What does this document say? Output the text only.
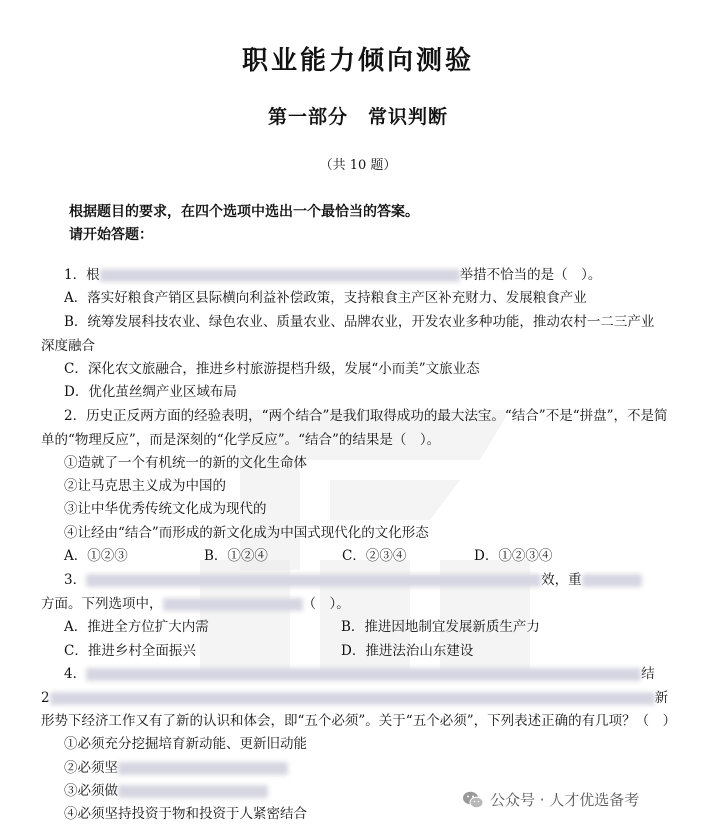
职业能力倾向测验
第一部分　常识判断
（共 10 题）
根据题目的要求，在四个选项中选出一个最恰当的答案。
请开始答题：
1．根	举措不恰当的是（　）。
A．落实好粮食产销区县际横向利益补偿政策，支持粮食主产区补充财力、发展粮食产业
B．统筹发展科技农业、绿色农业、质量农业、品牌农业，开发农业多种功能，推动农村一二三产业
深度融合
C．深化农文旅融合，推进乡村旅游提档升级，发展“小而美”文旅业态
D．优化茧丝绸产业区域布局
2．历史正反两方面的经验表明，“两个结合”是我们取得成功的最大法宝。“结合”不是“拼盘”，不是简
单的“物理反应”，而是深刻的“化学反应”。“结合”的结果是（　）。
①造就了一个有机统一的新的文化生命体
②让马克思主义成为中国的
③让中华优秀传统文化成为现代的
④让经由“结合”而形成的新文化成为中国式现代化的文化形态
A．①②③	B．①②④	C．②③④	D．①②③④
3．	效，重
方面。下列选项中，	（　）。
A．推进全方位扩大内需	B．推进因地制宜发展新质生产力
C．推进乡村全面振兴	D．推进法治山东建设
4．	结
2	新
形势下经济工作又有了新的认识和体会，即“五个必须”。关于“五个必须”，下列表述正确的有几项？（　）
①必须充分挖掘培育新动能、更新旧动能
②必须坚
③必须做
④必须坚持投资于物和投资于人紧密结合
公众号 · 人才优选备考
